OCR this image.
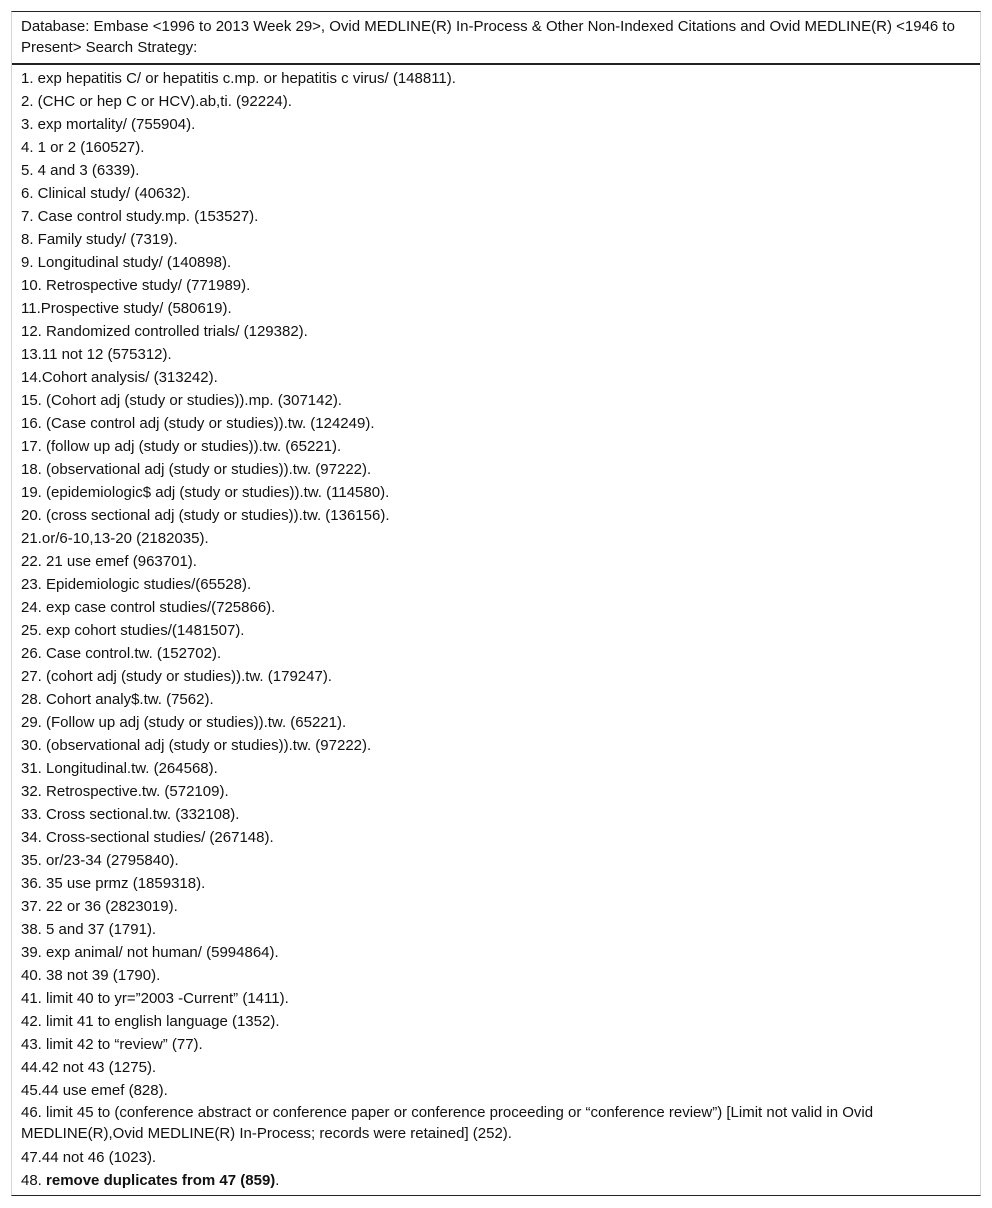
Database: Embase <1996 to 2013 Week 29>, Ovid MEDLINE(R) In-Process & Other Non-Indexed Citations and Ovid MEDLINE(R) <1946 to Present> Search Strategy:
1. exp hepatitis C/ or hepatitis c.mp. or hepatitis c virus/ (148811).
2. (CHC or hep C or HCV).ab,ti. (92224).
3. exp mortality/ (755904).
4. 1 or 2 (160527).
5. 4 and 3 (6339).
6. Clinical study/ (40632).
7. Case control study.mp. (153527).
8. Family study/ (7319).
9. Longitudinal study/ (140898).
10. Retrospective study/ (771989).
11.Prospective study/ (580619).
12. Randomized controlled trials/ (129382).
13.11 not 12 (575312).
14.Cohort analysis/ (313242).
15. (Cohort adj (study or studies)).mp. (307142).
16. (Case control adj (study or studies)).tw. (124249).
17. (follow up adj (study or studies)).tw. (65221).
18. (observational adj (study or studies)).tw. (97222).
19. (epidemiologic$ adj (study or studies)).tw. (114580).
20. (cross sectional adj (study or studies)).tw. (136156).
21.or/6-10,13-20 (2182035).
22. 21 use emef (963701).
23. Epidemiologic studies/(65528).
24. exp case control studies/(725866).
25. exp cohort studies/(1481507).
26. Case control.tw. (152702).
27. (cohort adj (study or studies)).tw. (179247).
28. Cohort analy$.tw. (7562).
29. (Follow up adj (study or studies)).tw. (65221).
30. (observational adj (study or studies)).tw. (97222).
31. Longitudinal.tw. (264568).
32. Retrospective.tw. (572109).
33. Cross sectional.tw. (332108).
34. Cross-sectional studies/ (267148).
35. or/23-34 (2795840).
36. 35 use prmz (1859318).
37. 22 or 36 (2823019).
38. 5 and 37 (1791).
39. exp animal/ not human/ (5994864).
40. 38 not 39 (1790).
41. limit 40 to yr=”2003 -Current” (1411).
42. limit 41 to english language (1352).
43. limit 42 to “review” (77).
44.42 not 43 (1275).
45.44 use emef (828).
46. limit 45 to (conference abstract or conference paper or conference proceeding or “conference review”) [Limit not valid in Ovid MEDLINE(R),Ovid MEDLINE(R) In-Process; records were retained] (252).
47.44 not 46 (1023).
48. remove duplicates from 47 (859).
